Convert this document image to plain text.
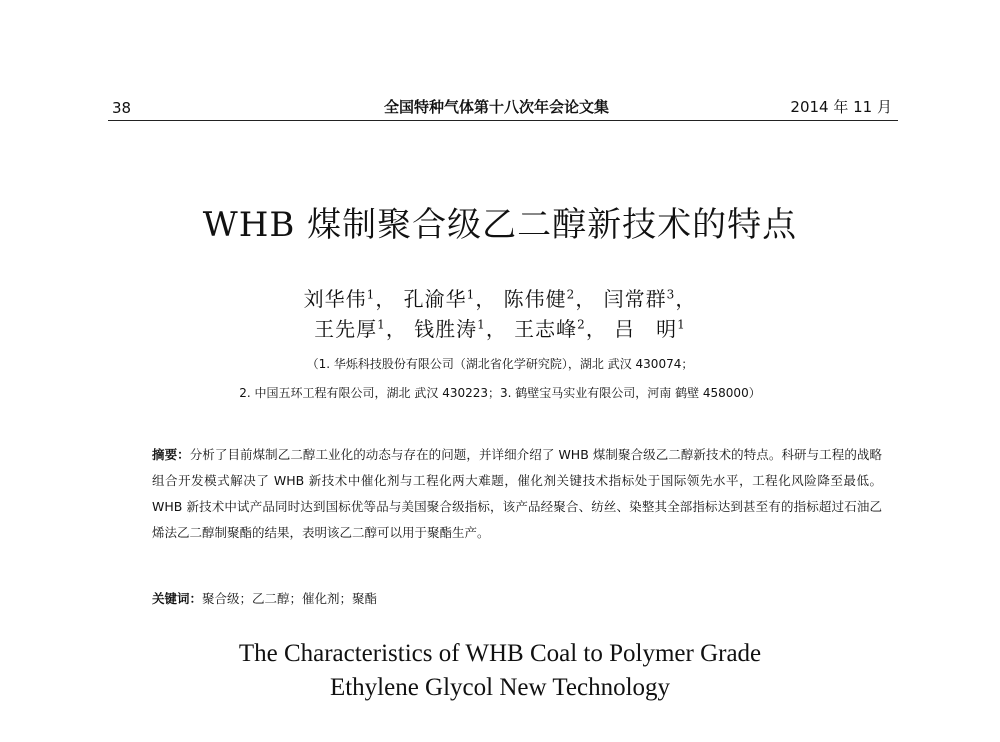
38	全国特种气体第十八次年会论文集	2014 年 11 月
WHB 煤制聚合级乙二醇新技术的特点
刘华伟$^1$， 孔渝华$^1$， 陈伟健$^2$， 闫常群$^3$，
王先厚$^1$， 钱胜涛$^1$， 王志峰$^2$， 吕　明$^1$
（1. 华烁科技股份有限公司（湖北省化学研究院），湖北 武汉 430074；
2. 中国五环工程有限公司，湖北 武汉 430223；3. 鹤壁宝马实业有限公司，河南 鹤壁 458000）
摘要：分析了目前煤制乙二醇工业化的动态与存在的问题，并详细介绍了 WHB 煤制聚合级乙二醇新技术的特点。科研与工程的战略组合开发模式解决了 WHB 新技术中催化剂与工程化两大难题，催化剂关键技术指标处于国际领先水平，工程化风险降至最低。WHB 新技术中试产品同时达到国标优等品与美国聚合级指标，该产品经聚合、纺丝、染整其全部指标达到甚至有的指标超过石油乙烯法乙二醇制聚酯的结果，表明该乙二醇可以用于聚酯生产。
关键词：聚合级；乙二醇；催化剂；聚酯
The Characteristics of WHB Coal to Polymer Grade
Ethylene Glycol New Technology
